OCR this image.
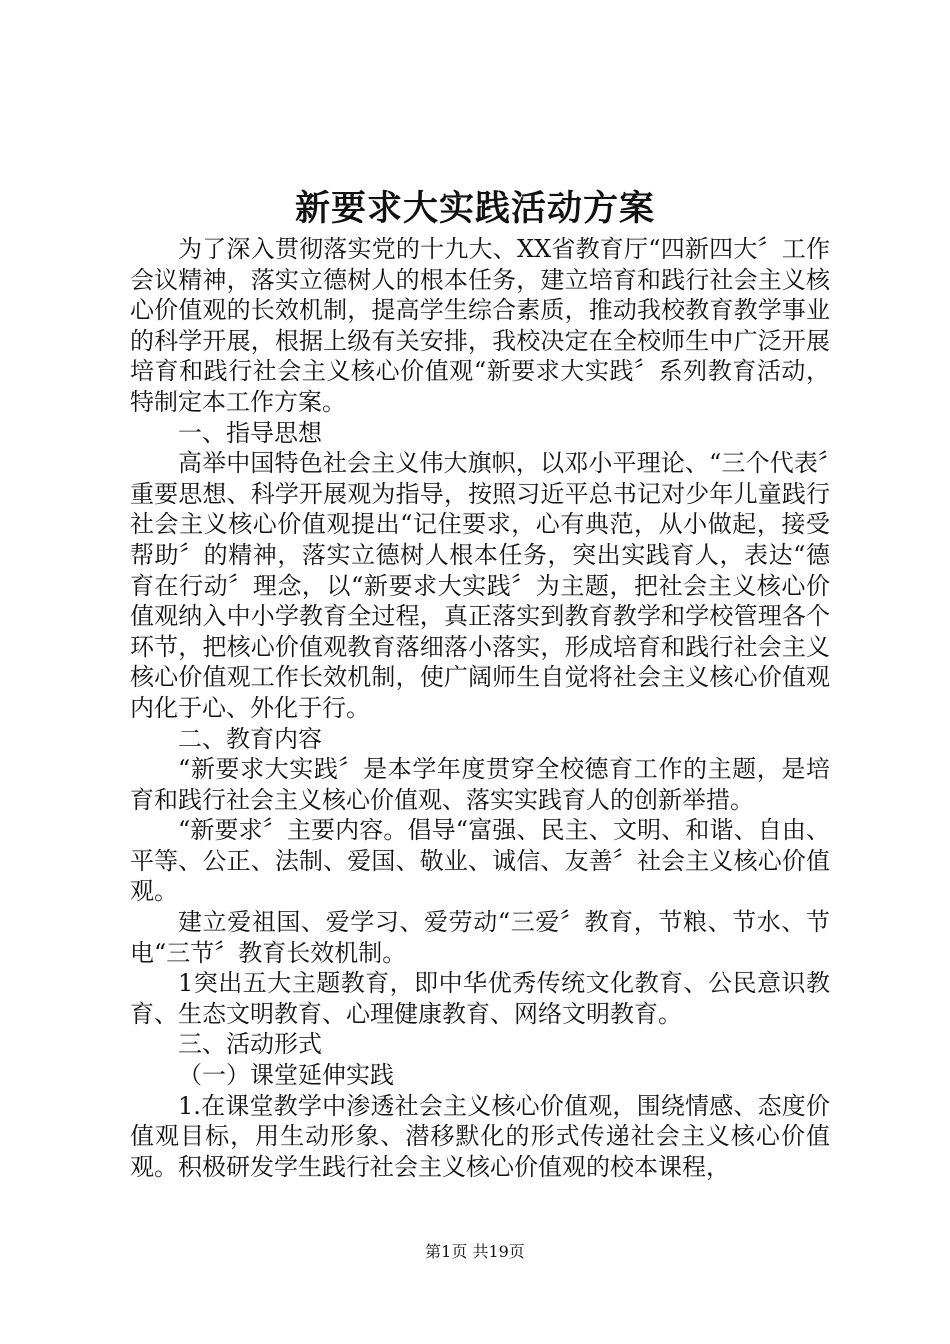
新要求大实践活动方案

为了深入贯彻落实党的十九大、XX省教育厅“四新四大〞工作会议精神，落实立德树人的根本任务，建立培育和践行社会主义核心价值观的长效机制，提高学生综合素质，推动我校教育教学事业的科学开展，根据上级有关安排，我校决定在全校师生中广泛开展培育和践行社会主义核心价值观“新要求大实践〞系列教育活动，特制定本工作方案。

一、指导思想

高举中国特色社会主义伟大旗帜，以邓小平理论、“三个代表〞重要思想、科学开展观为指导，按照习近平总书记对少年儿童践行社会主义核心价值观提出“记住要求，心有典范，从小做起，接受帮助〞的精神，落实立德树人根本任务，突出实践育人，表达“德育在行动〞理念，以“新要求大实践〞为主题，把社会主义核心价值观纳入中小学教育全过程，真正落实到教育教学和学校管理各个环节，把核心价值观教育落细落小落实，形成培育和践行社会主义核心价值观工作长效机制，使广阔师生自觉将社会主义核心价值观内化于心、外化于行。

二、教育内容

“新要求大实践〞是本学年度贯穿全校德育工作的主题，是培育和践行社会主义核心价值观、落实实践育人的创新举措。

“新要求〞主要内容。倡导“富强、民主、文明、和谐、自由、平等、公正、法制、爱国、敬业、诚信、友善〞社会主义核心价值观。

建立爱祖国、爱学习、爱劳动“三爱〞教育，节粮、节水、节电“三节〞教育长效机制。

1突出五大主题教育，即中华优秀传统文化教育、公民意识教育、生态文明教育、心理健康教育、网络文明教育。

三、活动形式

（一）课堂延伸实践

1.在课堂教学中渗透社会主义核心价值观，围绕情感、态度价值观目标，用生动形象、潜移默化的形式传递社会主义核心价值观。积极研发学生践行社会主义核心价值观的校本课程，

第1页 共19页
